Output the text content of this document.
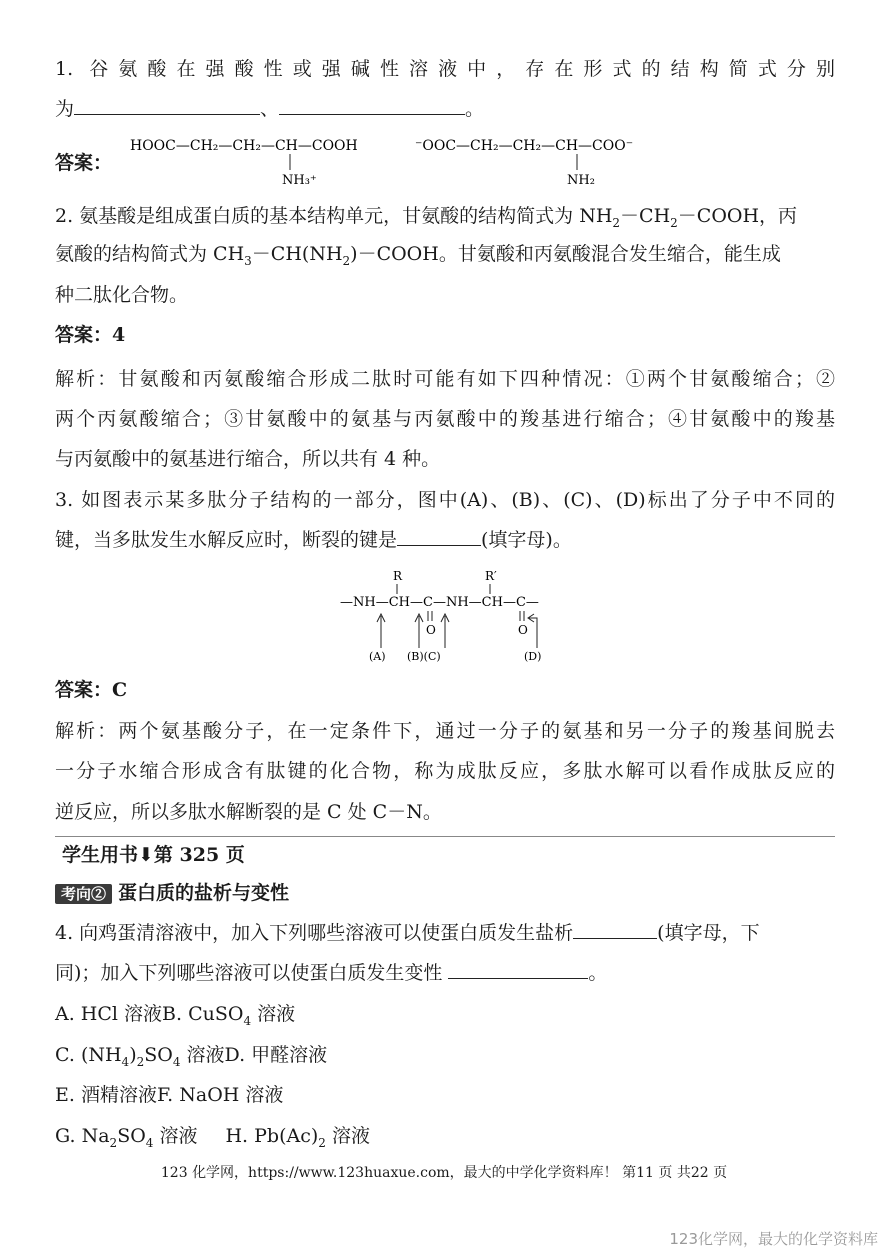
1. 谷氨酸在强酸性或强碱性溶液中，存在形式的结构简式分别
为	、	。
答案：
HOOC—CH₂—CH₂—CH—COOH
NH₃⁺
⁻OOC—CH₂—CH₂—CH—COO⁻
NH₂
2. 氨基酸是组成蛋白质的基本结构单元，甘氨酸的结构简式为 $NH_2-CH_2-COOH$，丙
氨酸的结构简式为 $CH_3-CH(NH_2)-COOH$。甘氨酸和丙氨酸混合发生缩合，能生成
种二肽化合物。
答案：4
解析：甘氨酸和丙氨酸缩合形成二肽时可能有如下四种情况：①两个甘氨酸缩合；②
两个丙氨酸缩合；③甘氨酸中的氨基与丙氨酸中的羧基进行缩合；④甘氨酸中的羧基
与丙氨酸中的氨基进行缩合，所以共有 4 种。
3. 如图表示某多肽分子结构的一部分，图中(A)、(B)、(C)、(D)标出了分子中不同的
键，当多肽发生水解反应时，断裂的键是	(填字母)。
R	R′
—NH—CH—C—NH—CH—C—
O	O
(A) (B)(C)	(D)
答案：C
解析：两个氨基酸分子，在一定条件下，通过一分子的氨基和另一分子的羧基间脱去
一分子水缩合形成含有肽键的化合物，称为成肽反应，多肽水解可以看作成肽反应的
逆反应，所以多肽水解断裂的是 C 处 C－N。
学生用书⬇第 325 页
考向② 蛋白质的盐析与变性
4. 向鸡蛋清溶液中，加入下列哪些溶液可以使蛋白质发生盐析	(填字母，下
同)；加入下列哪些溶液可以使蛋白质发生变性	。
A. HCl 溶液B. CuSO$_4$ 溶液
C. $(NH_4)_2SO_4$ 溶液D. 甲醛溶液
E. 酒精溶液F. NaOH 溶液
G. $Na_2SO_4$ 溶液 H. $Pb(Ac)_2$ 溶液
123 化学网，https://www.123huaxue.com，最大的中学化学资料库！ 第11 页 共22 页
123化学网，最大的化学资料库
